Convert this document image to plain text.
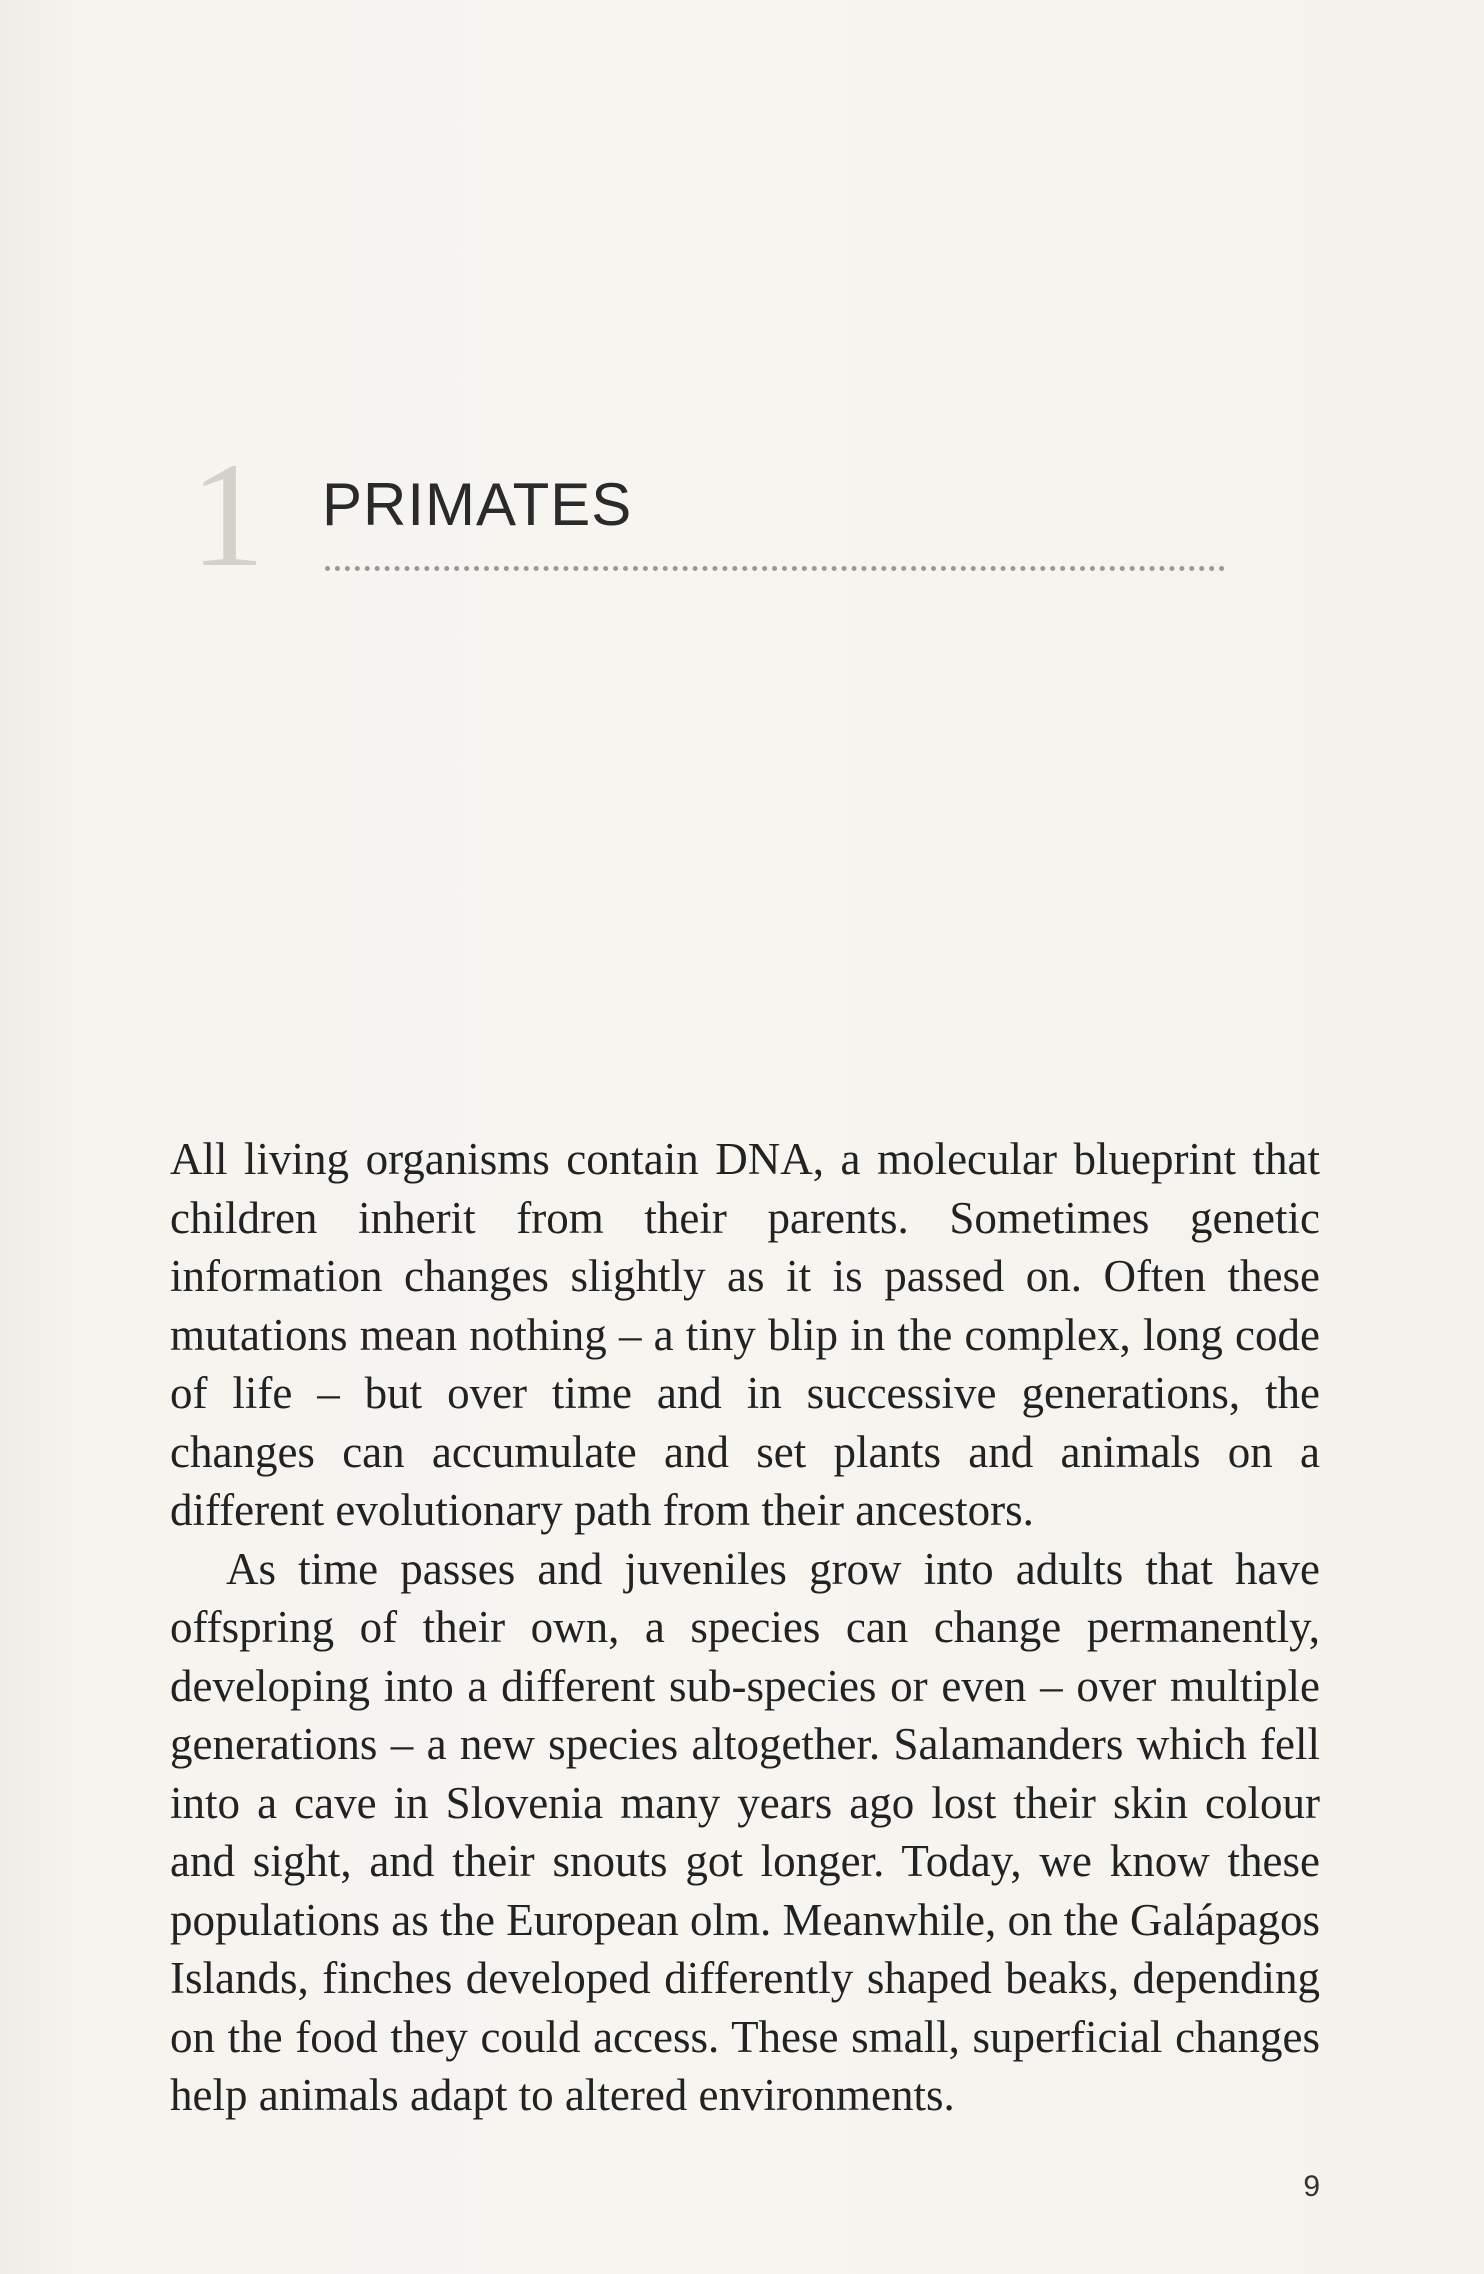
1 PRIMATES

All living organisms contain DNA, a molecular blueprint that children inherit from their parents. Sometimes genetic information changes slightly as it is passed on. Often these mutations mean nothing – a tiny blip in the complex, long code of life – but over time and in successive generations, the changes can accumulate and set plants and animals on a different evolutionary path from their ancestors.

As time passes and juveniles grow into adults that have offspring of their own, a species can change permanently, developing into a different sub-species or even – over multiple generations – a new species altogether. Salamanders which fell into a cave in Slovenia many years ago lost their skin colour and sight, and their snouts got longer. Today, we know these populations as the European olm. Meanwhile, on the Galápagos Islands, finches developed differently shaped beaks, depending on the food they could access. These small, superficial changes help animals adapt to altered environments.

9
